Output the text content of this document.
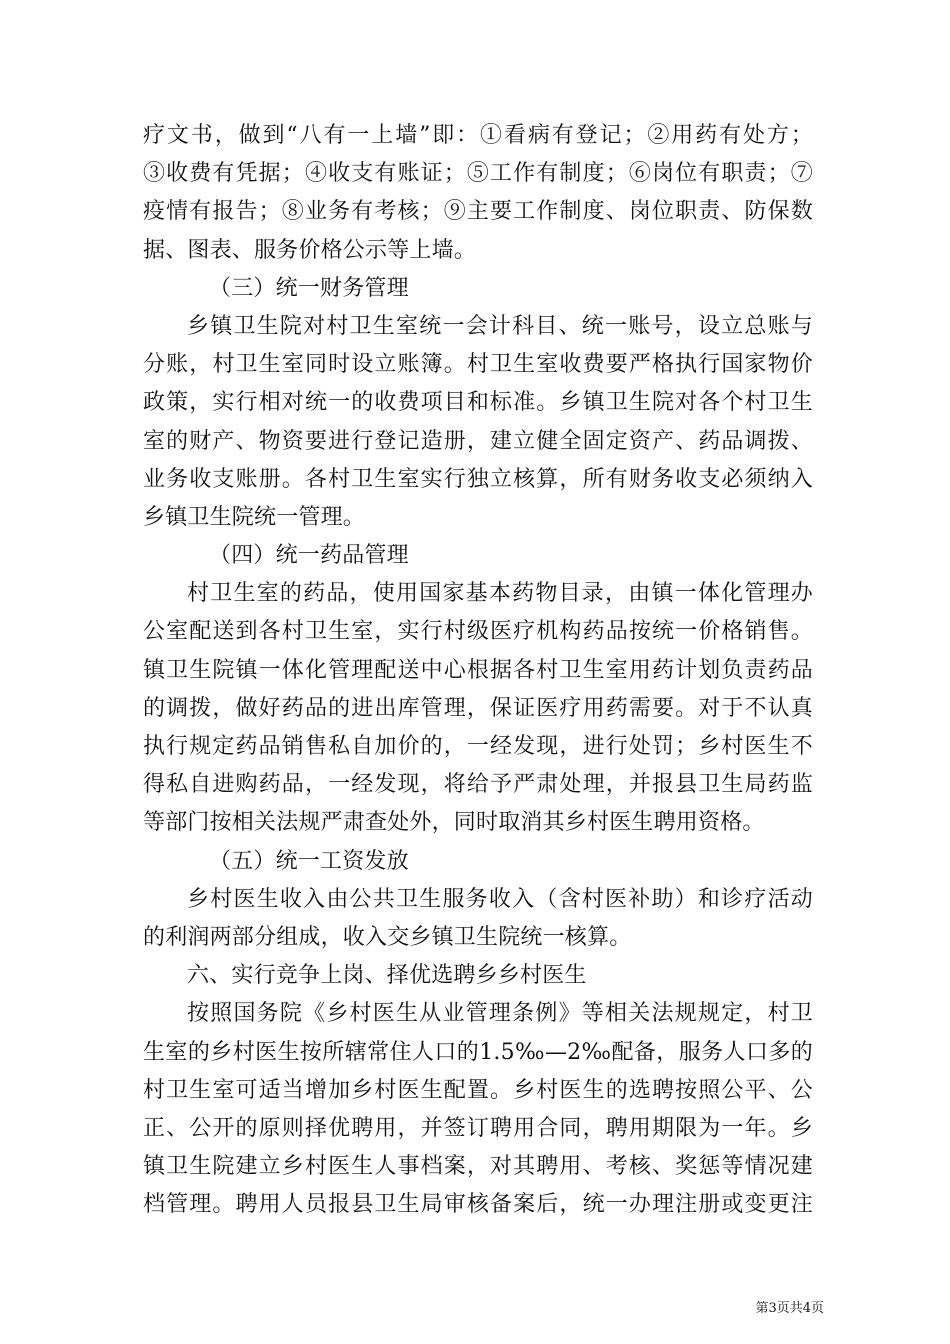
疗文书，做到“八有一上墙”即：①看病有登记；②用药有处方；
③收费有凭据；④收支有账证；⑤工作有制度；⑥岗位有职责；⑦
疫情有报告；⑧业务有考核；⑨主要工作制度、岗位职责、防保数
据、图表、服务价格公示等上墙。
（三）统一财务管理
乡镇卫生院对村卫生室统一会计科目、统一账号，设立总账与
分账，村卫生室同时设立账簿。村卫生室收费要严格执行国家物价
政策，实行相对统一的收费项目和标准。乡镇卫生院对各个村卫生
室的财产、物资要进行登记造册，建立健全固定资产、药品调拨、
业务收支账册。各村卫生室实行独立核算，所有财务收支必须纳入
乡镇卫生院统一管理。
（四）统一药品管理
村卫生室的药品，使用国家基本药物目录，由镇一体化管理办
公室配送到各村卫生室，实行村级医疗机构药品按统一价格销售。
镇卫生院镇一体化管理配送中心根据各村卫生室用药计划负责药品
的调拨，做好药品的进出库管理，保证医疗用药需要。对于不认真
执行规定药品销售私自加价的，一经发现，进行处罚；乡村医生不
得私自进购药品，一经发现，将给予严肃处理，并报县卫生局药监
等部门按相关法规严肃查处外，同时取消其乡村医生聘用资格。
（五）统一工资发放
乡村医生收入由公共卫生服务收入（含村医补助）和诊疗活动
的利润两部分组成，收入交乡镇卫生院统一核算。
六、实行竞争上岗、择优选聘乡乡村医生
按照国务院《乡村医生从业管理条例》等相关法规规定，村卫
生室的乡村医生按所辖常住人口的1.5‰—2‰配备，服务人口多的
村卫生室可适当增加乡村医生配置。乡村医生的选聘按照公平、公
正、公开的原则择优聘用，并签订聘用合同，聘用期限为一年。乡
镇卫生院建立乡村医生人事档案，对其聘用、考核、奖惩等情况建
档管理。聘用人员报县卫生局审核备案后，统一办理注册或变更注
第3页共4页
